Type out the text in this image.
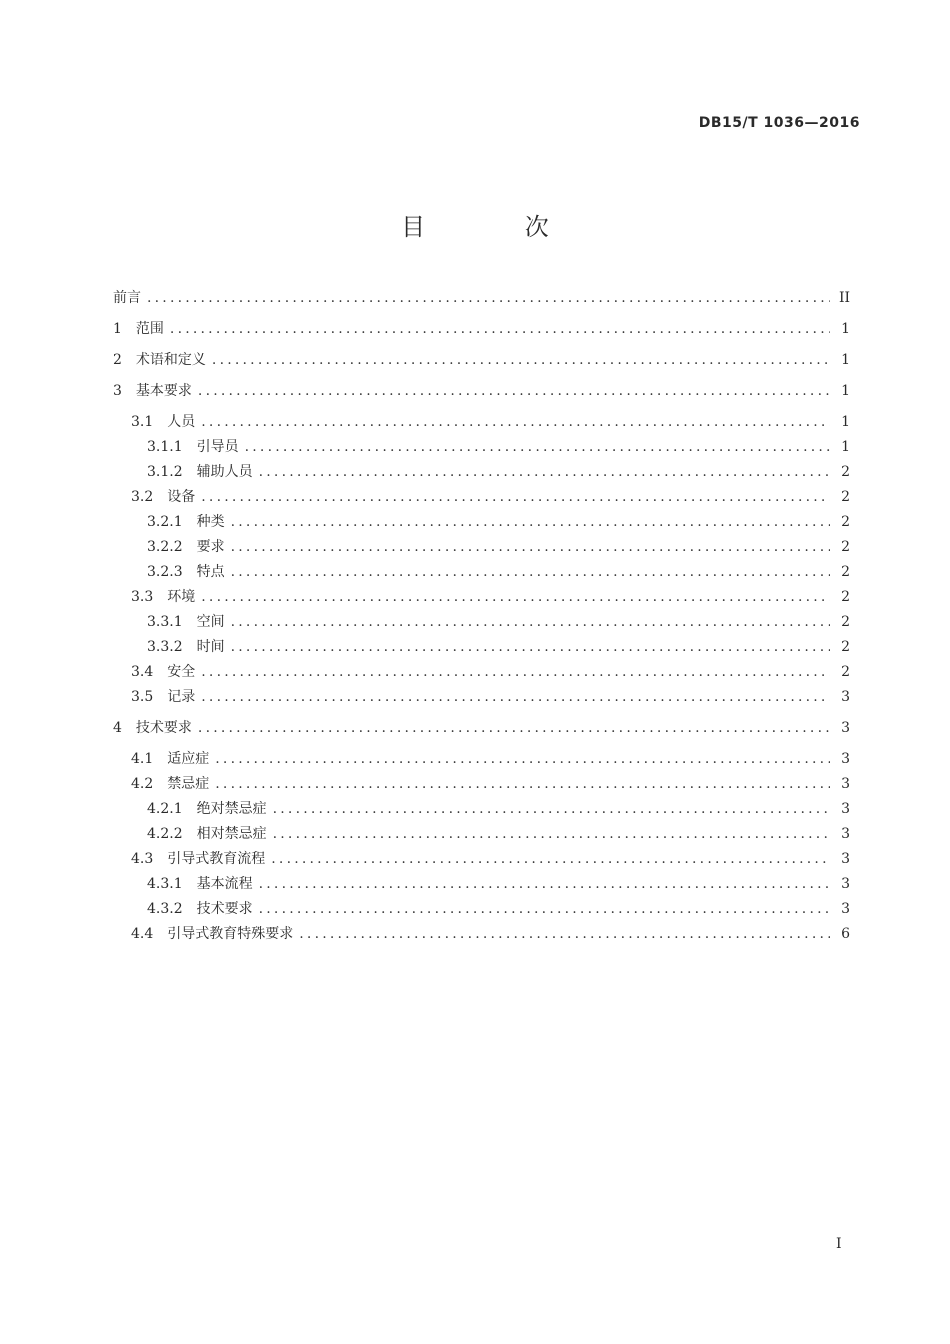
DB15/T 1036—2016
目 次
前言 .....	II
1 范围 .....	1
2 术语和定义 .....	1
3 基本要求 .....	1
3.1 人员 .....	1
3.1.1 引导员 .....	1
3.1.2 辅助人员 .....	2
3.2 设备 .....	2
3.2.1 种类 .....	2
3.2.2 要求 .....	2
3.2.3 特点 .....	2
3.3 环境 .....	2
3.3.1 空间 .....	2
3.3.2 时间 .....	2
3.4 安全 .....	2
3.5 记录 .....	3
4 技术要求 .....	3
4.1 适应症 .....	3
4.2 禁忌症 .....	3
4.2.1 绝对禁忌症 .....	3
4.2.2 相对禁忌症 .....	3
4.3 引导式教育流程 .....	3
4.3.1 基本流程 .....	3
4.3.2 技术要求 .....	3
4.4 引导式教育特殊要求 .....	6
I
